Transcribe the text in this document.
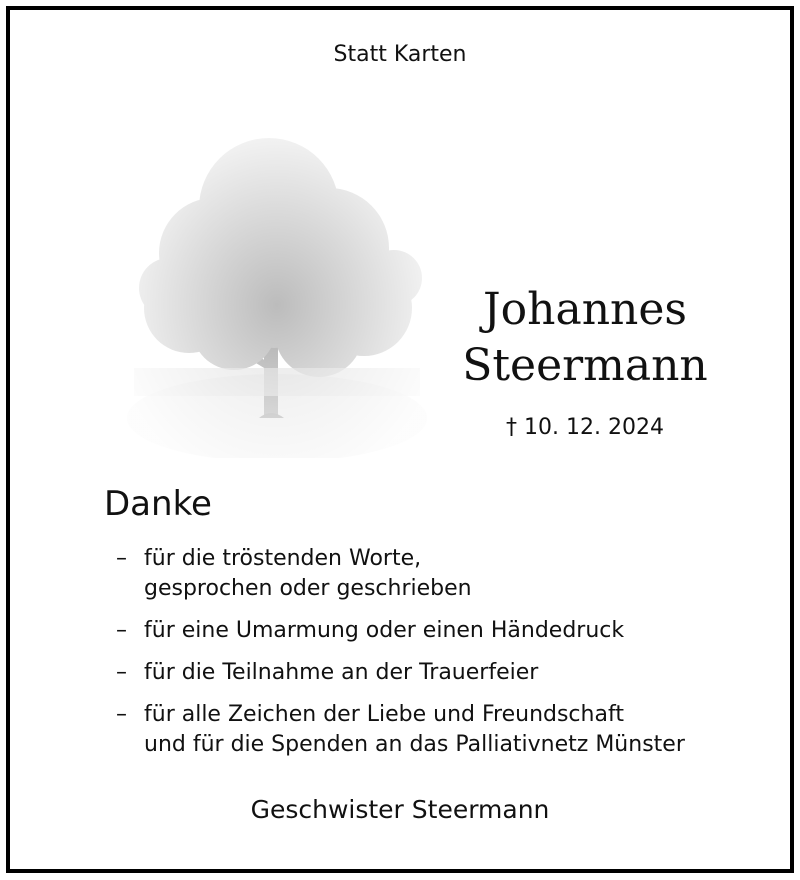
Statt Karten
Johannes
Steermann
† 10. 12. 2024
Danke
– für die tröstenden Worte,
gesprochen oder geschrieben
– für eine Umarmung oder einen Händedruck
– für die Teilnahme an der Trauerfeier
– für alle Zeichen der Liebe und Freundschaft
und für die Spenden an das Palliativnetz Münster
Geschwister Steermann
